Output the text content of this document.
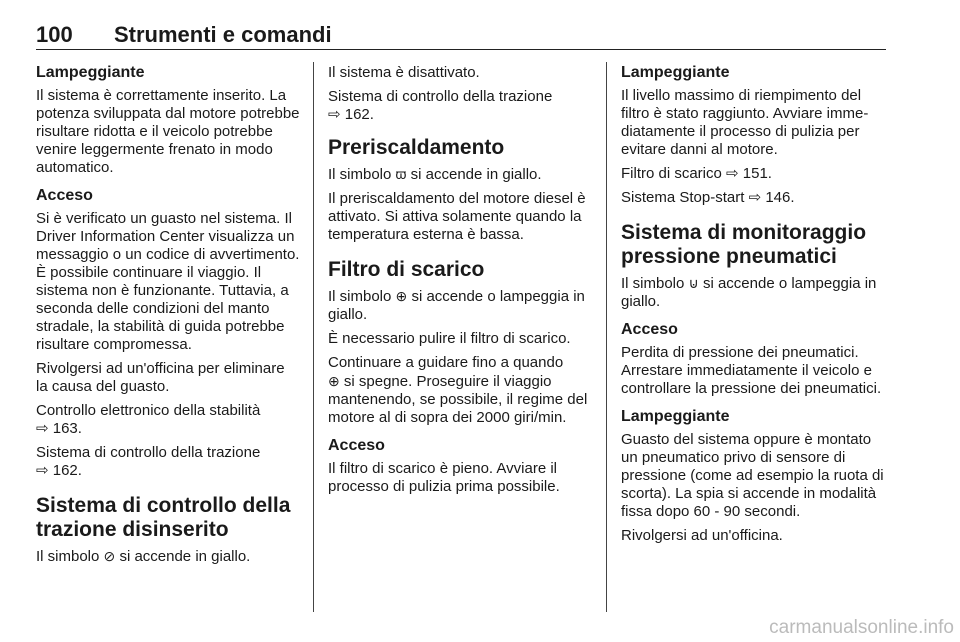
100 Strumenti e comandi

Lampeggiante

Il sistema è correttamente inserito. La potenza sviluppata dal motore potrebbe risultare ridotta e il veicolo potrebbe venire leggermente frenato in modo automatico.

Acceso

Si è verificato un guasto nel sistema. Il Driver Information Center visualizza un messaggio o un codice di avvertimento. È possibile continuare il viaggio. Il sistema non è funzionante. Tuttavia, a seconda delle condizioni del manto stradale, la stabilità di guida potrebbe risultare compromessa.

Rivolgersi ad un'officina per eliminare la causa del guasto.

Controllo elettronico della stabilità
⇨ 163.

Sistema di controllo della trazione
⇨ 162.

Sistema di controllo della trazione disinserito

Il simbolo ⊘ si accende in giallo.

Il sistema è disattivato.

Sistema di controllo della trazione
⇨ 162.

Preriscaldamento

Il simbolo ϖ si accende in giallo.

Il preriscaldamento del motore diesel è attivato. Si attiva solamente quando la temperatura esterna è bassa.

Filtro di scarico

Il simbolo ⊕ si accende o lampeggia in giallo.

È necessario pulire il filtro di scarico.

Continuare a guidare fino a quando
⊕ si spegne. Proseguire il viaggio mantenendo, se possibile, il regime del motore al di sopra dei 2000 giri/min.

Acceso

Il filtro di scarico è pieno. Avviare il processo di pulizia prima possibile.

Lampeggiante

Il livello massimo di riempimento del filtro è stato raggiunto. Avviare immediatamente il processo di pulizia per evitare danni al motore.

Filtro di scarico ⇨ 151.

Sistema Stop-start ⇨ 146.

Sistema di monitoraggio pressione pneumatici

Il simbolo ⊍ si accende o lampeggia in giallo.

Acceso

Perdita di pressione dei pneumatici. Arrestare immediatamente il veicolo e controllare la pressione dei pneumatici.

Lampeggiante

Guasto del sistema oppure è montato un pneumatico privo di sensore di pressione (come ad esempio la ruota di scorta). La spia si accende in modalità fissa dopo 60 - 90 secondi.

Rivolgersi ad un'officina.

carmanualsonline.info
